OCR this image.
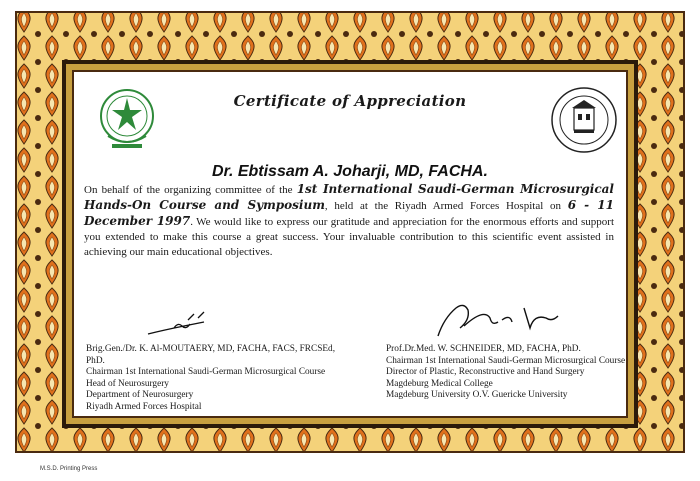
Certificate of Appreciation
Dr. Ebtissam A. Joharji, MD, FACHA.
On behalf of the organizing committee of the 1st International Saudi-German Microsurgical Hands-On Course and Symposium, held at the Riyadh Armed Forces Hospital on 6 - 11 December 1997. We would like to express our gratitude and appreciation for the enormous efforts and support you extended to make this course a great success. Your invaluable contribution to this scientific event assisted in achieving our main educational objectives.
Brig.Gen./Dr. K. Al-MOUTAERY, MD, FACHA, FACS, FRCSEd, PhD.
Chairman 1st International Saudi-German Microsurgical Course
Head of Neurosurgery
Department of Neurosurgery
Riyadh Armed Forces Hospital
Prof.Dr.Med. W. SCHNEIDER, MD, FACHA, PhD.
Chairman 1st International Saudi-German Microsurgical Course
Director of Plastic, Reconstructive and Hand Surgery
Magdeburg Medical College
Magdeburg University O.V. Guericke University
M.S.D. Printing Press
